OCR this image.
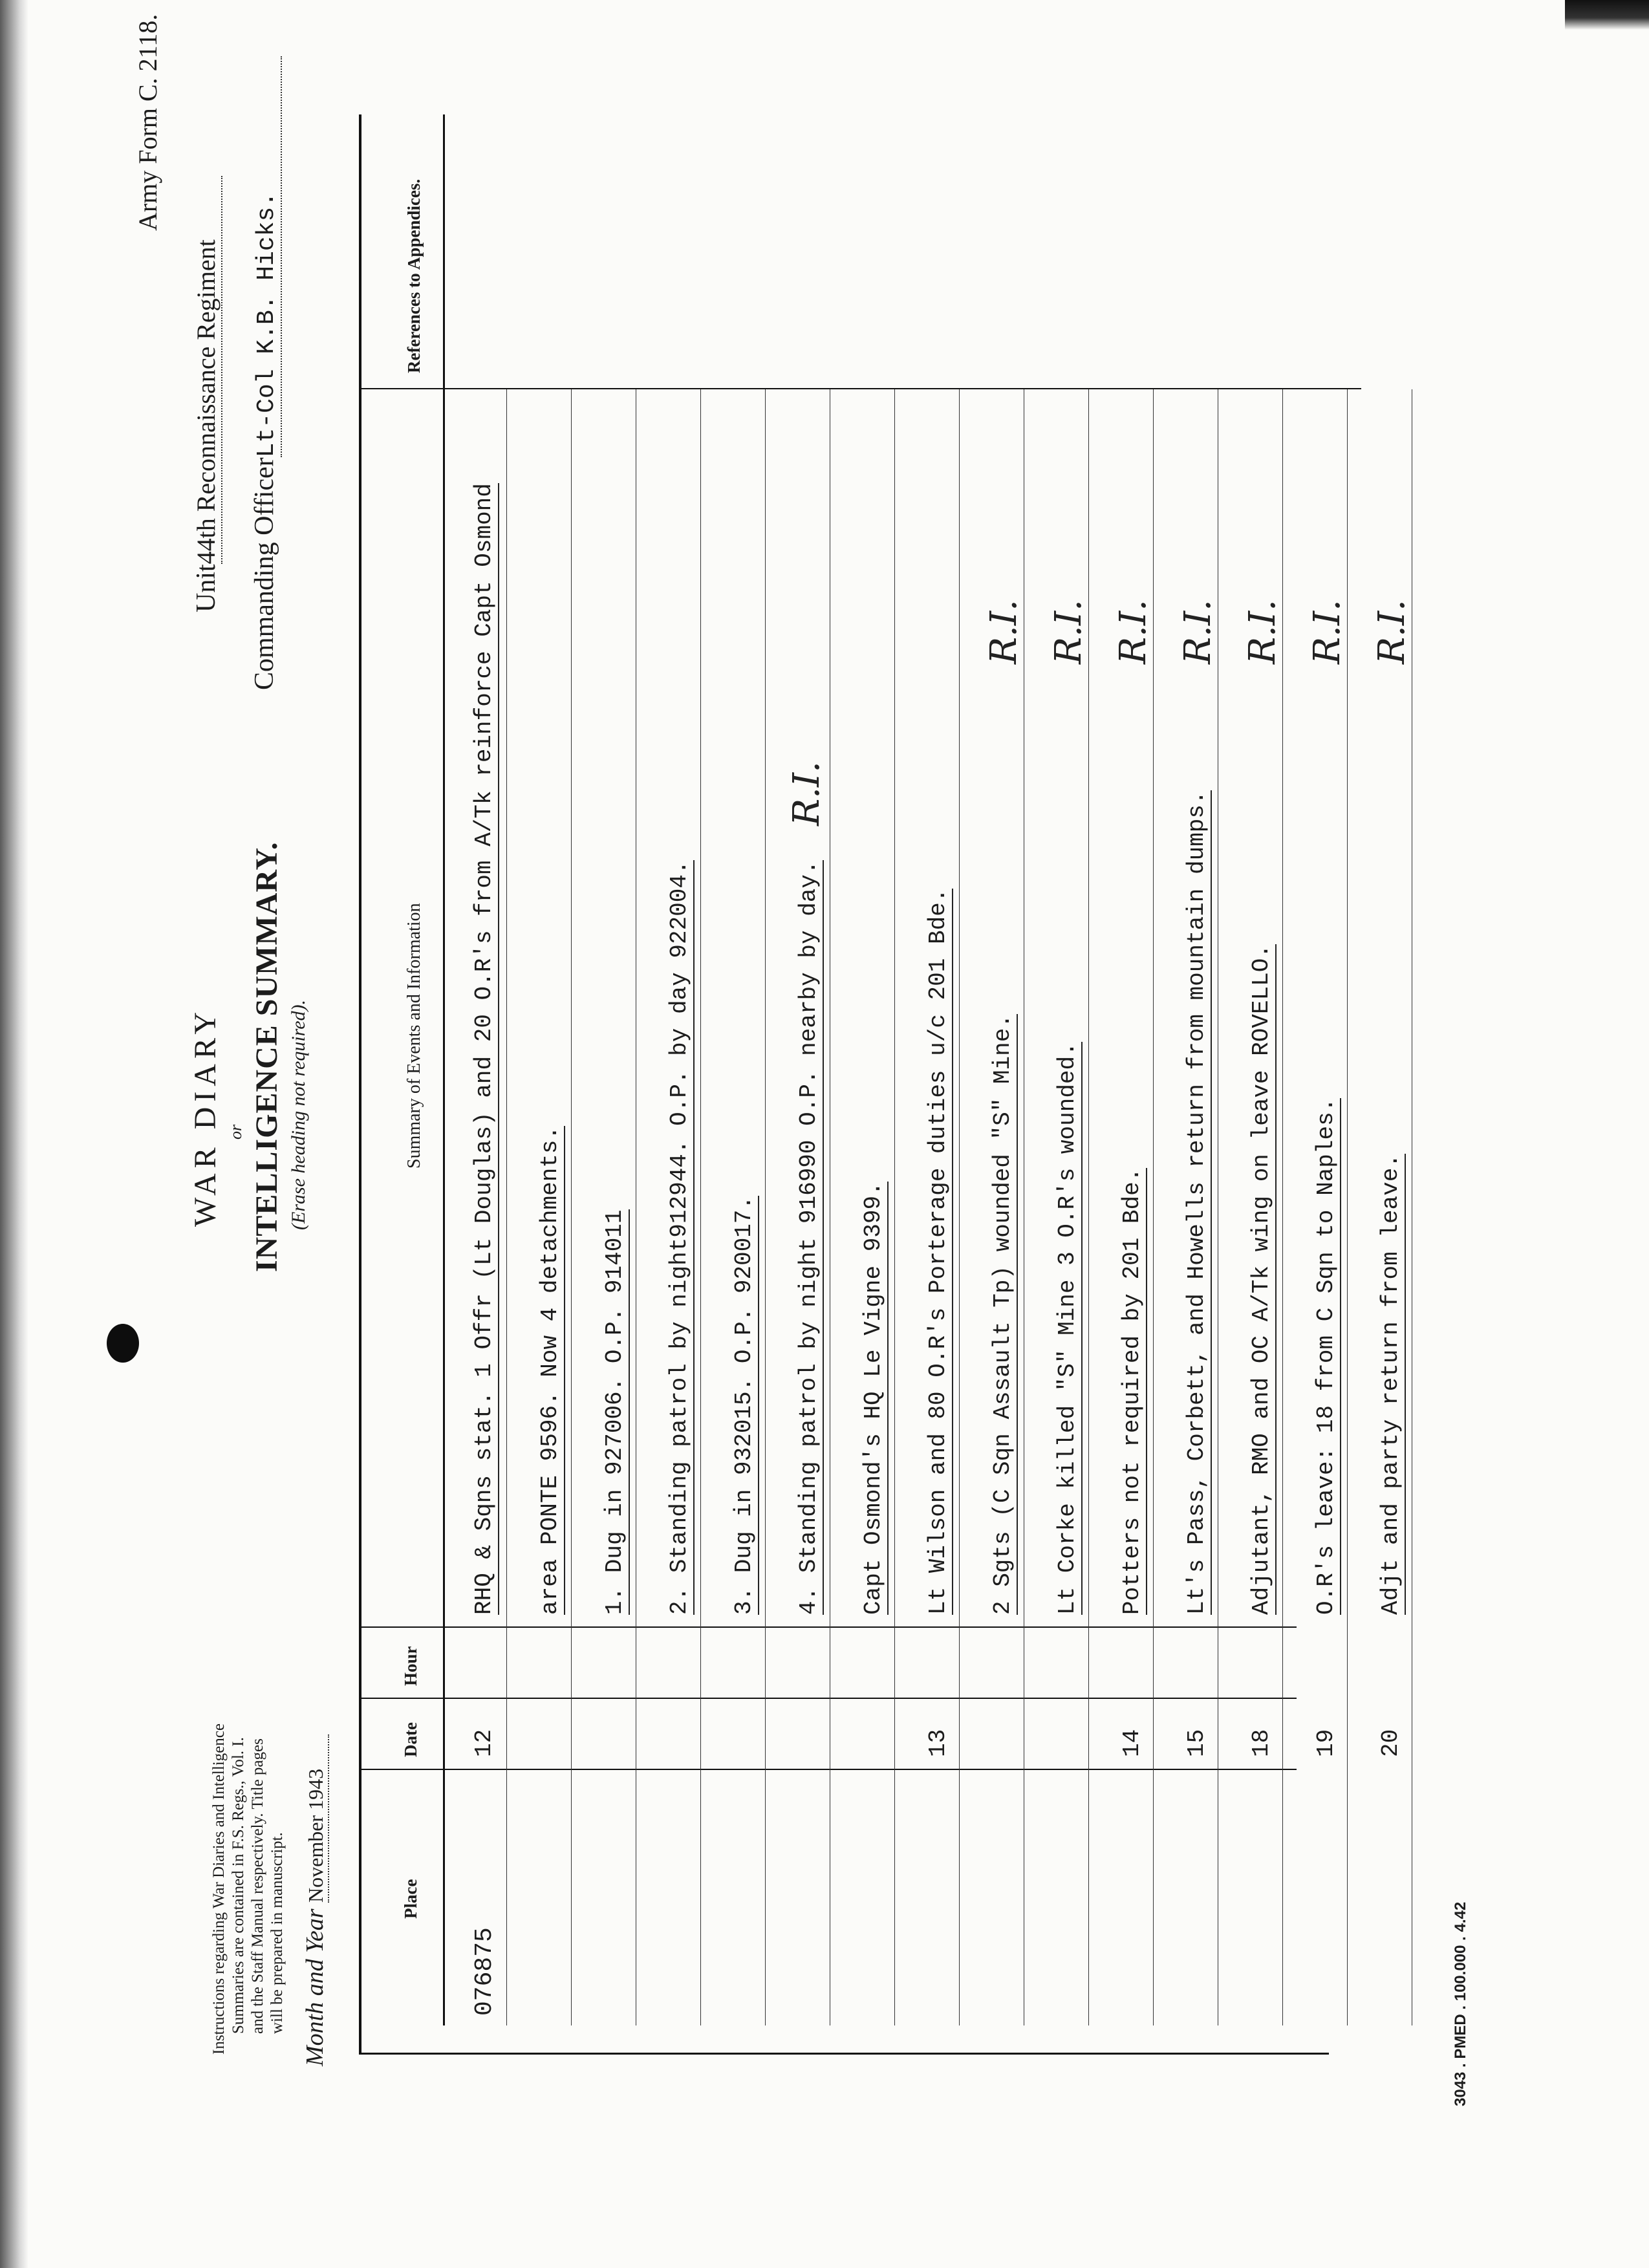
Instructions regarding War Diaries and Intelligence Summaries are contained in F.S. Regs., Vol. I. and the Staff Manual respectively. Title pages will be prepared in manuscript. Month and Year November 1943
WAR DIARY or INTELLIGENCE SUMMARY. (Erase heading not required).
Army Form C. 2118.
Unit44th Reconnaissance Regiment
Commanding OfficerLt-Col K.B. Hicks.
Place
Date
Hour
Summary of Events and Information
References to Appendices.
076875
12
RHQ & Sqns stat. 1 Offr (Lt Douglas) and 20 O.R's from A/Tk reinforce Capt Osmond area PONTE 9596. Now 4 detachments. 1. Dug in 927006. O.P. 914011 2. Standing patrol by night912944. O.P. by day 922004. 3. Dug in 932015. O.P. 920017. 4. Standing patrol by night 916990 O.P. nearby by day.
R.I.
Capt Osmond's HQ Le Vigne 9399.
13
Lt Wilson and 80 O.R's Porterage duties u/c 201 Bde. 2 Sgts (C Sqn Assault Tp) wounded "S" Mine.
R.I.
Lt Corke killed "S" Mine 3 O.R's wounded.
R.I.
14
Potters not required by 201 Bde.
R.I.
15
Lt's Pass, Corbett, and Howells return from mountain dumps.
R.I.
18
Adjutant, RMO and OC A/Tk wing on leave ROVELLO.
R.I.
19
O.R's leave: 18 from C Sqn to Naples.
R.I.
20
Adjt and party return from leave.
R.I.
3043 . PMED . 100.000 . 4.42
